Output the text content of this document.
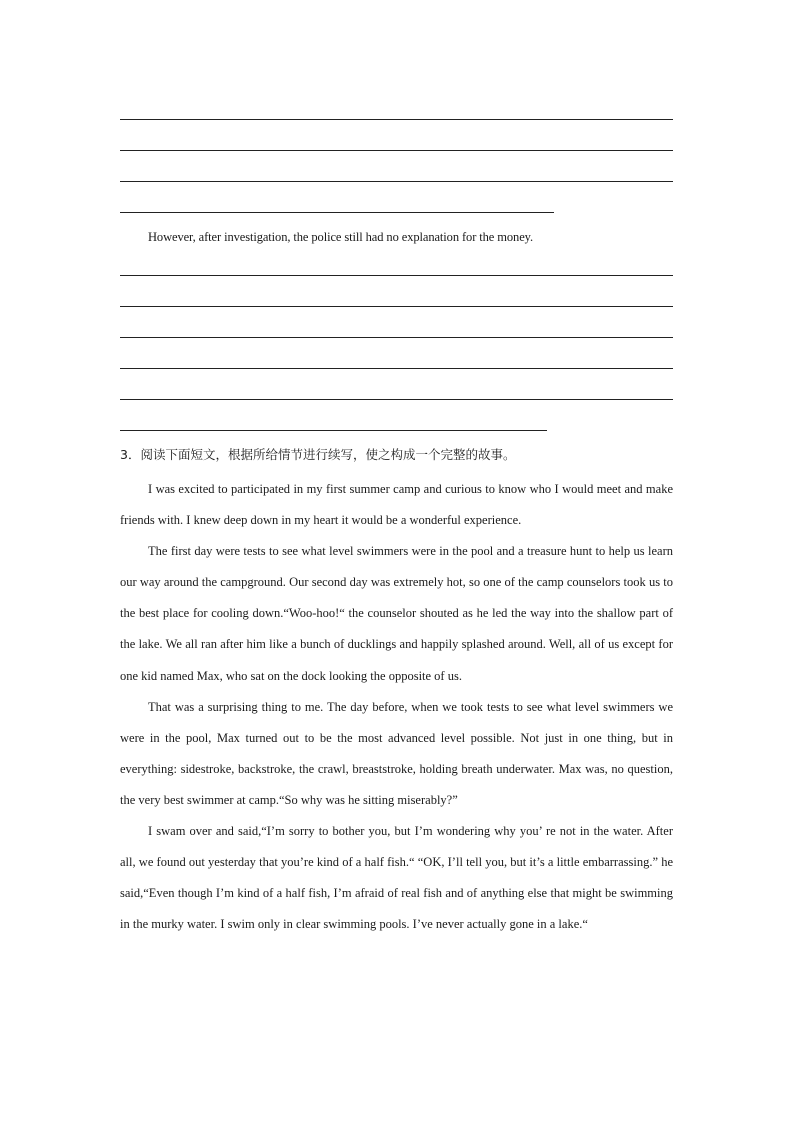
However, after investigation, the police still had no explanation for the money.
3．阅读下面短文，根据所给情节进行续写，使之构成一个完整的故事。

I was excited to participated in my first summer camp and curious to know who I would meet and make friends with. I knew deep down in my heart it would be a wonderful experience.

The first day were tests to see what level swimmers were in the pool and a treasure hunt to help us learn our way around the campground. Our second day was extremely hot, so one of the camp counselors took us to the best place for cooling down.“Woo-hoo!“ the counselor shouted as he led the way into the shallow part of the lake. We all ran after him like a bunch of ducklings and happily splashed around. Well, all of us except for one kid named Max, who sat on the dock looking the opposite of us.

That was a surprising thing to me. The day before, when we took tests to see what level swimmers we were in the pool, Max turned out to be the most advanced level possible. Not just in one thing, but in everything: sidestroke, backstroke, the crawl, breaststroke, holding breath underwater. Max was, no question, the very best swimmer at camp.“So why was he sitting miserably?”

I swam over and said,“I’m sorry to bother you, but I’m wondering why you’ re not in the water. After all, we found out yesterday that you’re kind of a half fish.“ “OK, I’ll tell you, but it’s a little embarrassing.” he said,“Even though I’m kind of a half fish, I’m afraid of real fish and of anything else that might be swimming in the murky water. I swim only in clear swimming pools. I’ve never actually gone in a lake.“
